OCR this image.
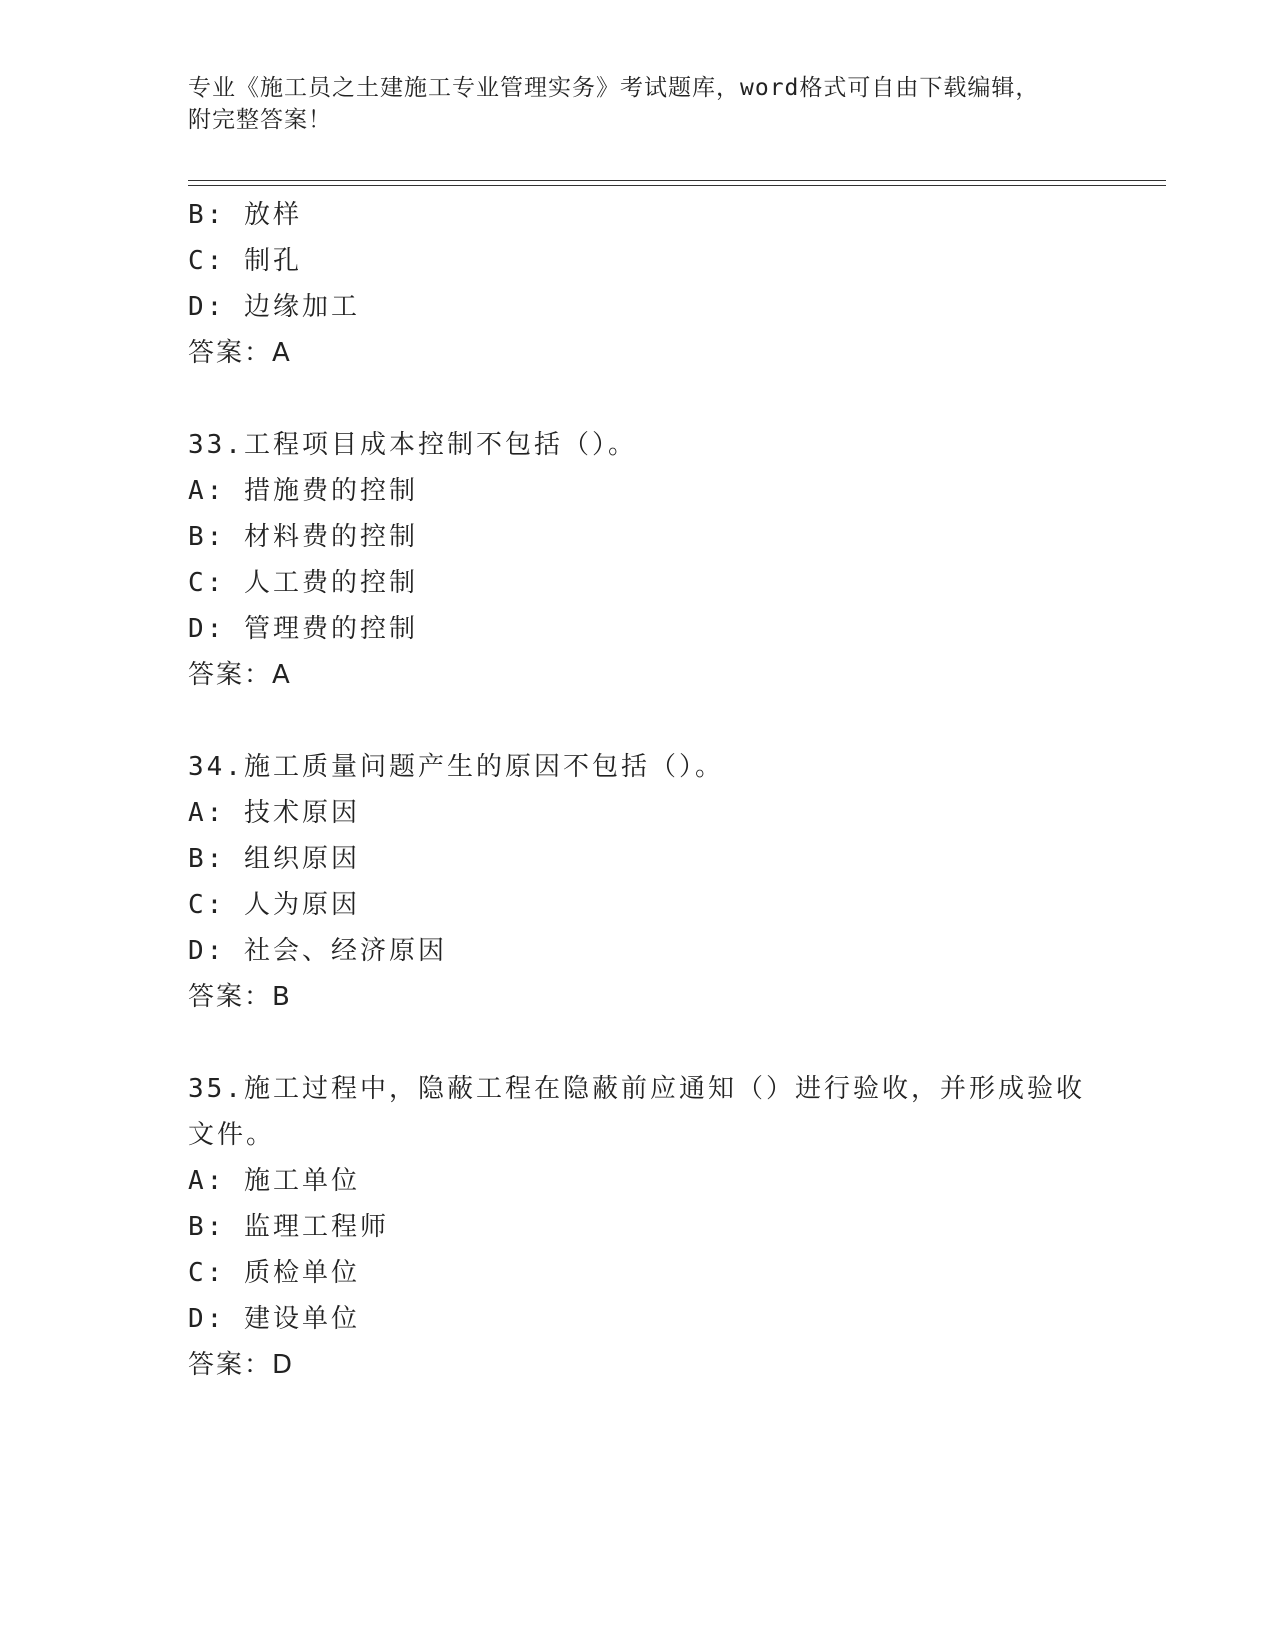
专业《施工员之土建施工专业管理实务》考试题库，word格式可自由下载编辑，
附完整答案！
B: 放样
C: 制孔
D: 边缘加工
答案：A
33.工程项目成本控制不包括（）。
A: 措施费的控制
B: 材料费的控制
C: 人工费的控制
D: 管理费的控制
答案：A
34.施工质量问题产生的原因不包括（）。
A: 技术原因
B: 组织原因
C: 人为原因
D: 社会、经济原因
答案：B
35.施工过程中，隐蔽工程在隐蔽前应通知（）进行验收，并形成验收
文件。
A: 施工单位
B: 监理工程师
C: 质检单位
D: 建设单位
答案：D
